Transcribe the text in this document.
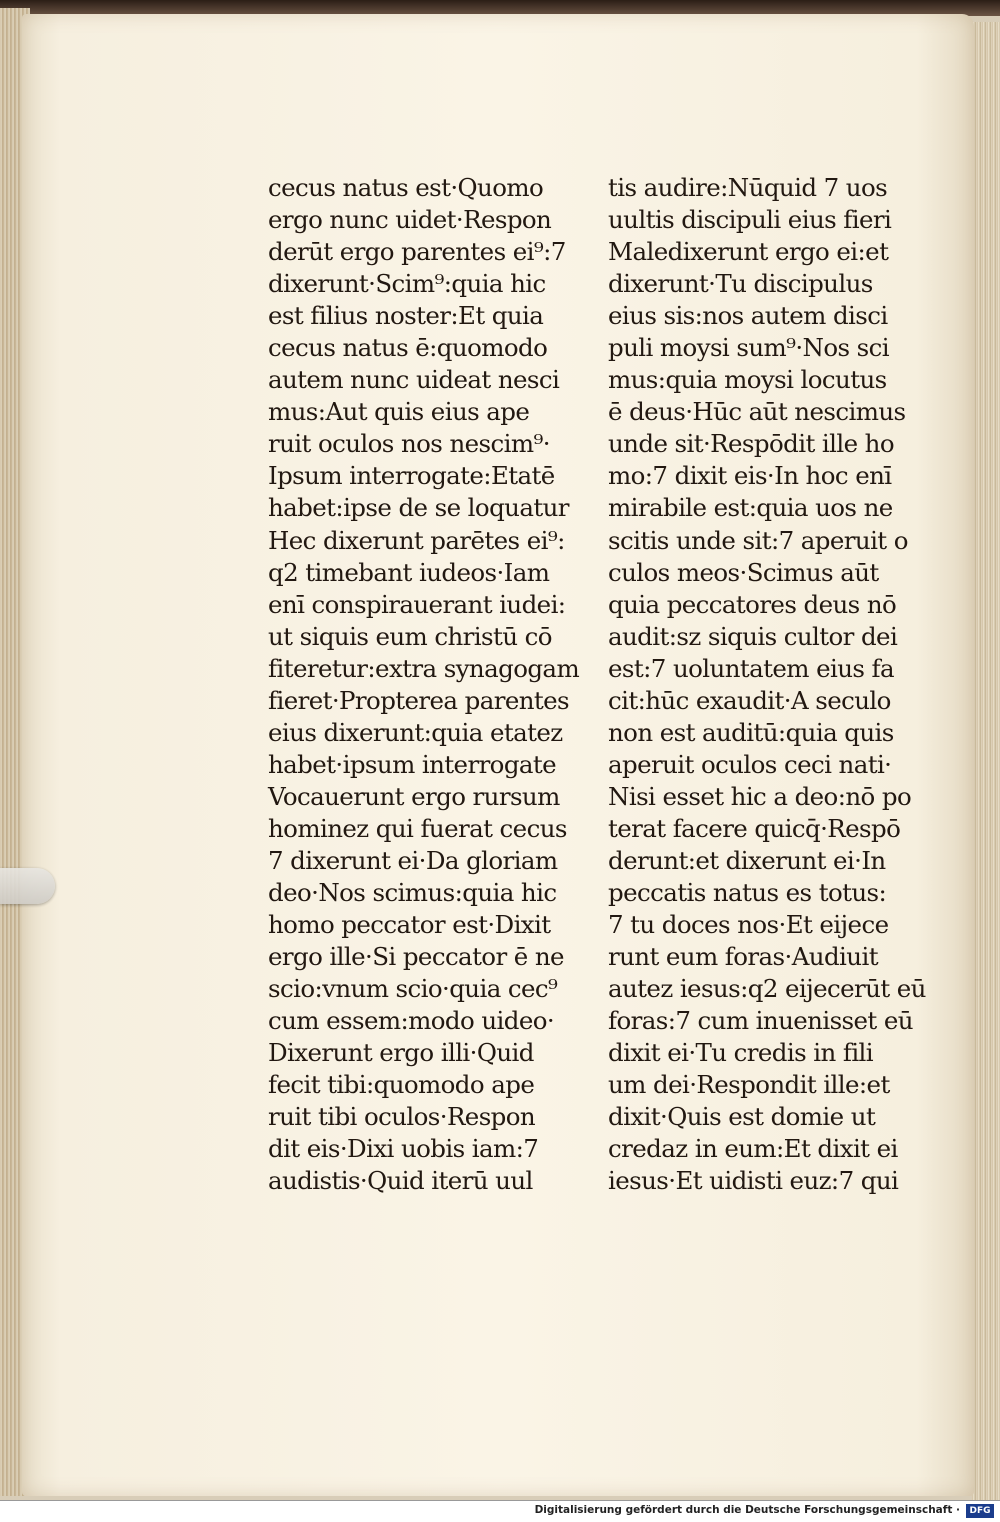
cecus natus est·Quomo
ergo nunc uidet·Respon
derūt ergo parentes ei⁹:7
dixerunt·Scim⁹:quia hic
est filius noster:Et quia
cecus natus ē:quomodo
autem nunc uideat nesci
mus:Aut quis eius ape
ruit oculos nos nescim⁹·
Ipsum interrogate:Etatē
habet:ipse de se loquatur
Hec dixerunt parētes ei⁹:
q2 timebant iudeos·Iam
enī conspirauerant iudei:
ut siquis eum christū cō
fiteretur:extra synagogam
fieret·Propterea parentes
eius dixerunt:quia etatez
habet·ipsum interrogate
Vocauerunt ergo rursum
hominez qui fuerat cecus
7 dixerunt ei·Da gloriam
deo·Nos scimus:quia hic
homo peccator est·Dixit
ergo ille·Si peccator ē ne
scio:vnum scio·quia cec⁹
cum essem:modo uideo·
Dixerunt ergo illi·Quid
fecit tibi:quomodo ape
ruit tibi oculos·Respon
dit eis·Dixi uobis iam:7
audistis·Quid iterū uul
tis audire:Nūquid 7 uos
uultis discipuli eius fieri
Maledixerunt ergo ei:et
dixerunt·Tu discipulus
eius sis:nos autem disci
puli moysi sum⁹·Nos sci
mus:quia moysi locutus
ē deus·Hūc aūt nescimus
unde sit·Respōdit ille ho
mo:7 dixit eis·In hoc enī
mirabile est:quia uos ne
scitis unde sit:7 aperuit o
culos meos·Scimus aūt
quia peccatores deus nō
audit:sz siquis cultor dei
est:7 uoluntatem eius fa
cit:hūc exaudit·A seculo
non est auditū:quia quis
aperuit oculos ceci nati·
Nisi esset hic a deo:nō po
terat facere quicq̄·Respō
derunt:et dixerunt ei·In
peccatis natus es totus:
7 tu doces nos·Et eijece
runt eum foras·Audiuit
autez iesus:q2 eijecerūt eū
foras:7 cum inuenisset eū
dixit ei·Tu credis in fili
um dei·Respondit ille:et
dixit·Quis est domie ut
credaz in eum:Et dixit ei
iesus·Et uidisti euz:7 qui
Digitalisierung gefördert durch die Deutsche Forschungsgemeinschaft ·	DFG
